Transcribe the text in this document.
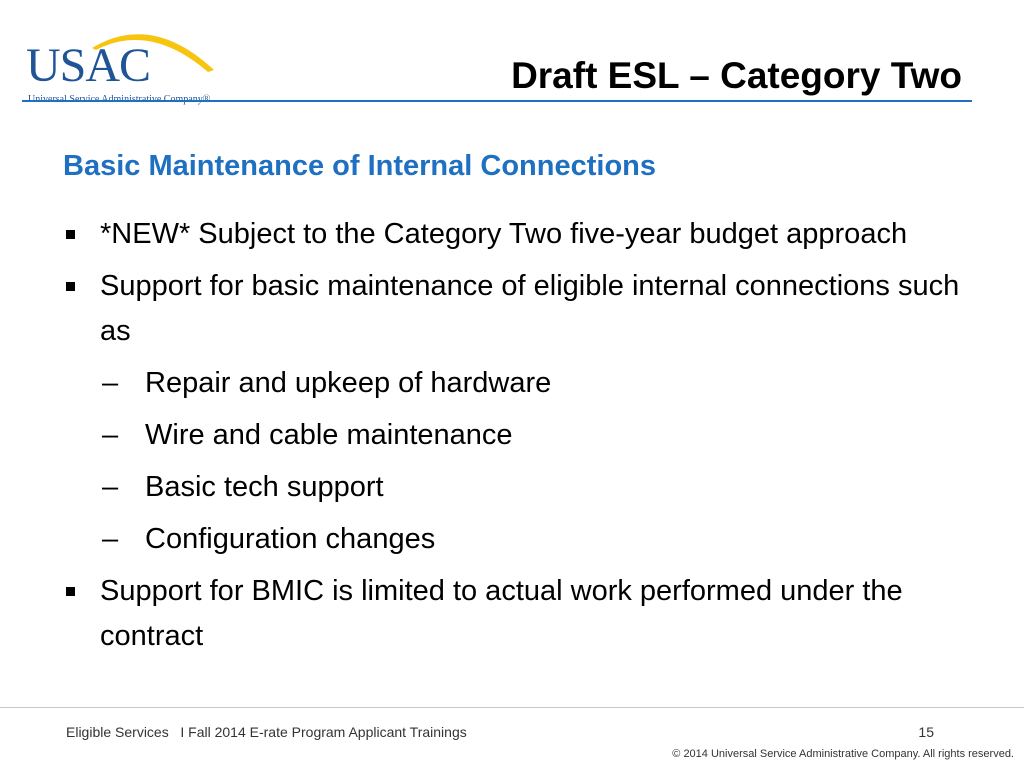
USAC	Draft ESL – Category Two
Basic Maintenance of Internal Connections
*NEW* Subject to the Category Two five-year budget approach
Support for basic maintenance of eligible internal connections such as
– Repair and upkeep of hardware
– Wire and cable maintenance
– Basic tech support
– Configuration changes
Support for BMIC is limited to actual work performed under the contract
Eligible Services   I Fall 2014 E-rate Program Applicant Trainings	15
© 2014 Universal Service Administrative Company. All rights reserved.
